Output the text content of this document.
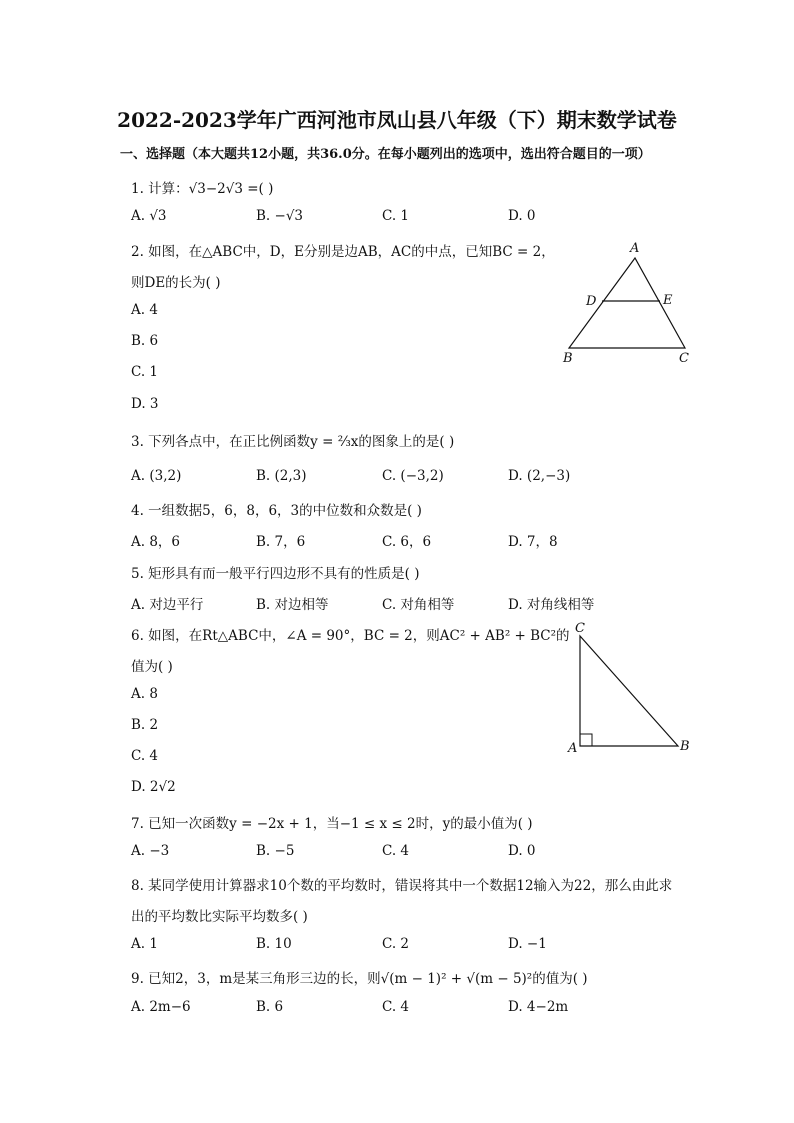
2022-2023学年广西河池市凤山县八年级（下）期末数学试卷
一、选择题（本大题共12小题，共36.0分。在每小题列出的选项中，选出符合题目的一项）
1. 计算：√3−2√3 =( )
A. √3	B. −√3	C. 1	D. 0
2. 如图，在△ABC中，D，E分别是边AB，AC的中点，已知BC = 2，
则DE的长为( )
A. 4
B. 6
C. 1
D. 3
A
D	E
B	C
3. 下列各点中，在正比例函数y = ⅔x的图象上的是( )
A. (3,2)	B. (2,3)	C. (−3,2)	D. (2,−3)
4. 一组数据5，6，8，6，3的中位数和众数是( )
A. 8，6	B. 7，6	C. 6，6	D. 7，8
5. 矩形具有而一般平行四边形不具有的性质是( )
A. 对边平行	B. 对边相等	C. 对角相等	D. 对角线相等
6. 如图，在Rt△ABC中，∠A = 90°，BC = 2，则AC² + AB² + BC²的
值为( )
A. 8
B. 2
C. 4
D. 2√2
C
A	B
7. 已知一次函数y = −2x + 1，当−1 ≤ x ≤ 2时，y的最小值为( )
A. −3	B. −5	C. 4	D. 0
8. 某同学使用计算器求10个数的平均数时，错误将其中一个数据12输入为22，那么由此求
出的平均数比实际平均数多( )
A. 1	B. 10	C. 2	D. −1
9. 已知2，3，m是某三角形三边的长，则√(m − 1)² + √(m − 5)²的值为( )
A. 2m−6	B. 6	C. 4	D. 4−2m
